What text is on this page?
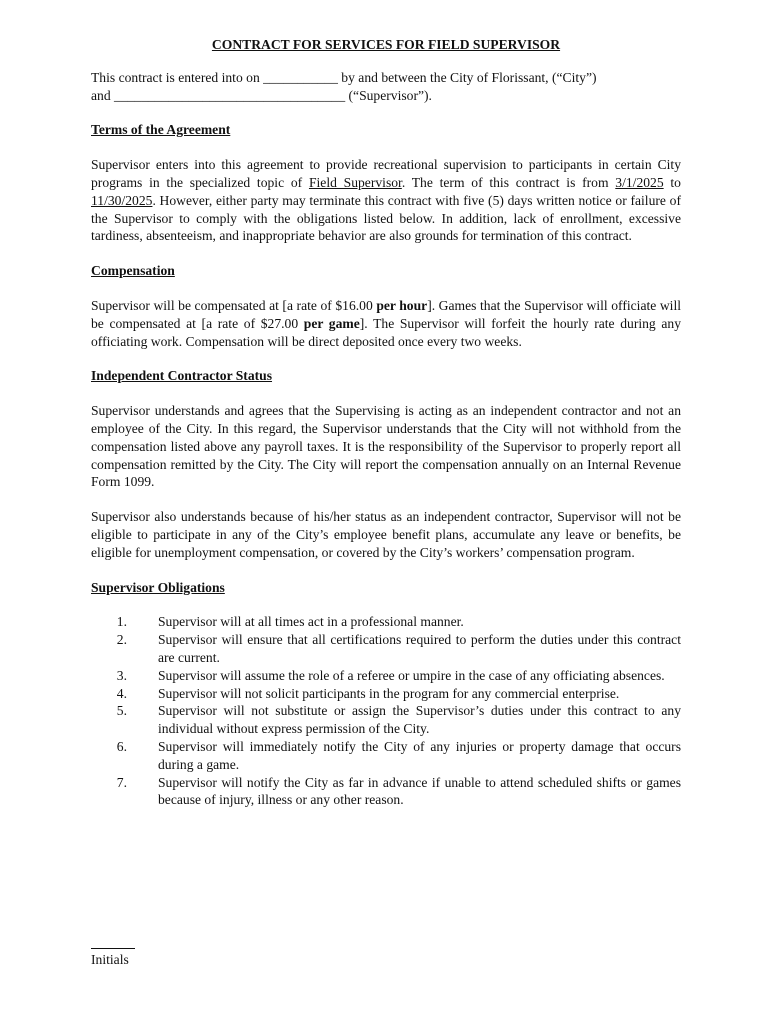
CONTRACT FOR SERVICES FOR FIELD SUPERVISOR

This contract is entered into on ___________ by and between the City of Florissant, (“City”)
and __________________________________ (“Supervisor”).

Terms of the Agreement

Supervisor enters into this agreement to provide recreational supervision to participants in certain City programs in the specialized topic of Field Supervisor. The term of this contract is from 3/1/2025 to 11/30/2025. However, either party may terminate this contract with five (5) days written notice or failure of the Supervisor to comply with the obligations listed below. In addition, lack of enrollment, excessive tardiness, absenteeism, and inappropriate behavior are also grounds for termination of this contract.

Compensation

Supervisor will be compensated at [a rate of $16.00 per hour]. Games that the Supervisor will officiate will be compensated at [a rate of $27.00 per game]. The Supervisor will forfeit the hourly rate during any officiating work. Compensation will be direct deposited once every two weeks.

Independent Contractor Status

Supervisor understands and agrees that the Supervising is acting as an independent contractor and not an employee of the City. In this regard, the Supervisor understands that the City will not withhold from the compensation listed above any payroll taxes. It is the responsibility of the Supervisor to properly report all compensation remitted by the City. The City will report the compensation annually on an Internal Revenue Form 1099.

Supervisor also understands because of his/her status as an independent contractor, Supervisor will not be eligible to participate in any of the City’s employee benefit plans, accumulate any leave or benefits, be eligible for unemployment compensation, or covered by the City’s workers’ compensation program.

Supervisor Obligations
1. Supervisor will at all times act in a professional manner.
2. Supervisor will ensure that all certifications required to perform the duties under this contract are current.
3. Supervisor will assume the role of a referee or umpire in the case of any officiating absences.
4. Supervisor will not solicit participants in the program for any commercial enterprise.
5. Supervisor will not substitute or assign the Supervisor’s duties under this contract to any individual without express permission of the City.
6. Supervisor will immediately notify the City of any injuries or property damage that occurs during a game.
7. Supervisor will notify the City as far in advance if unable to attend scheduled shifts or games because of injury, illness or any other reason.
Initials
